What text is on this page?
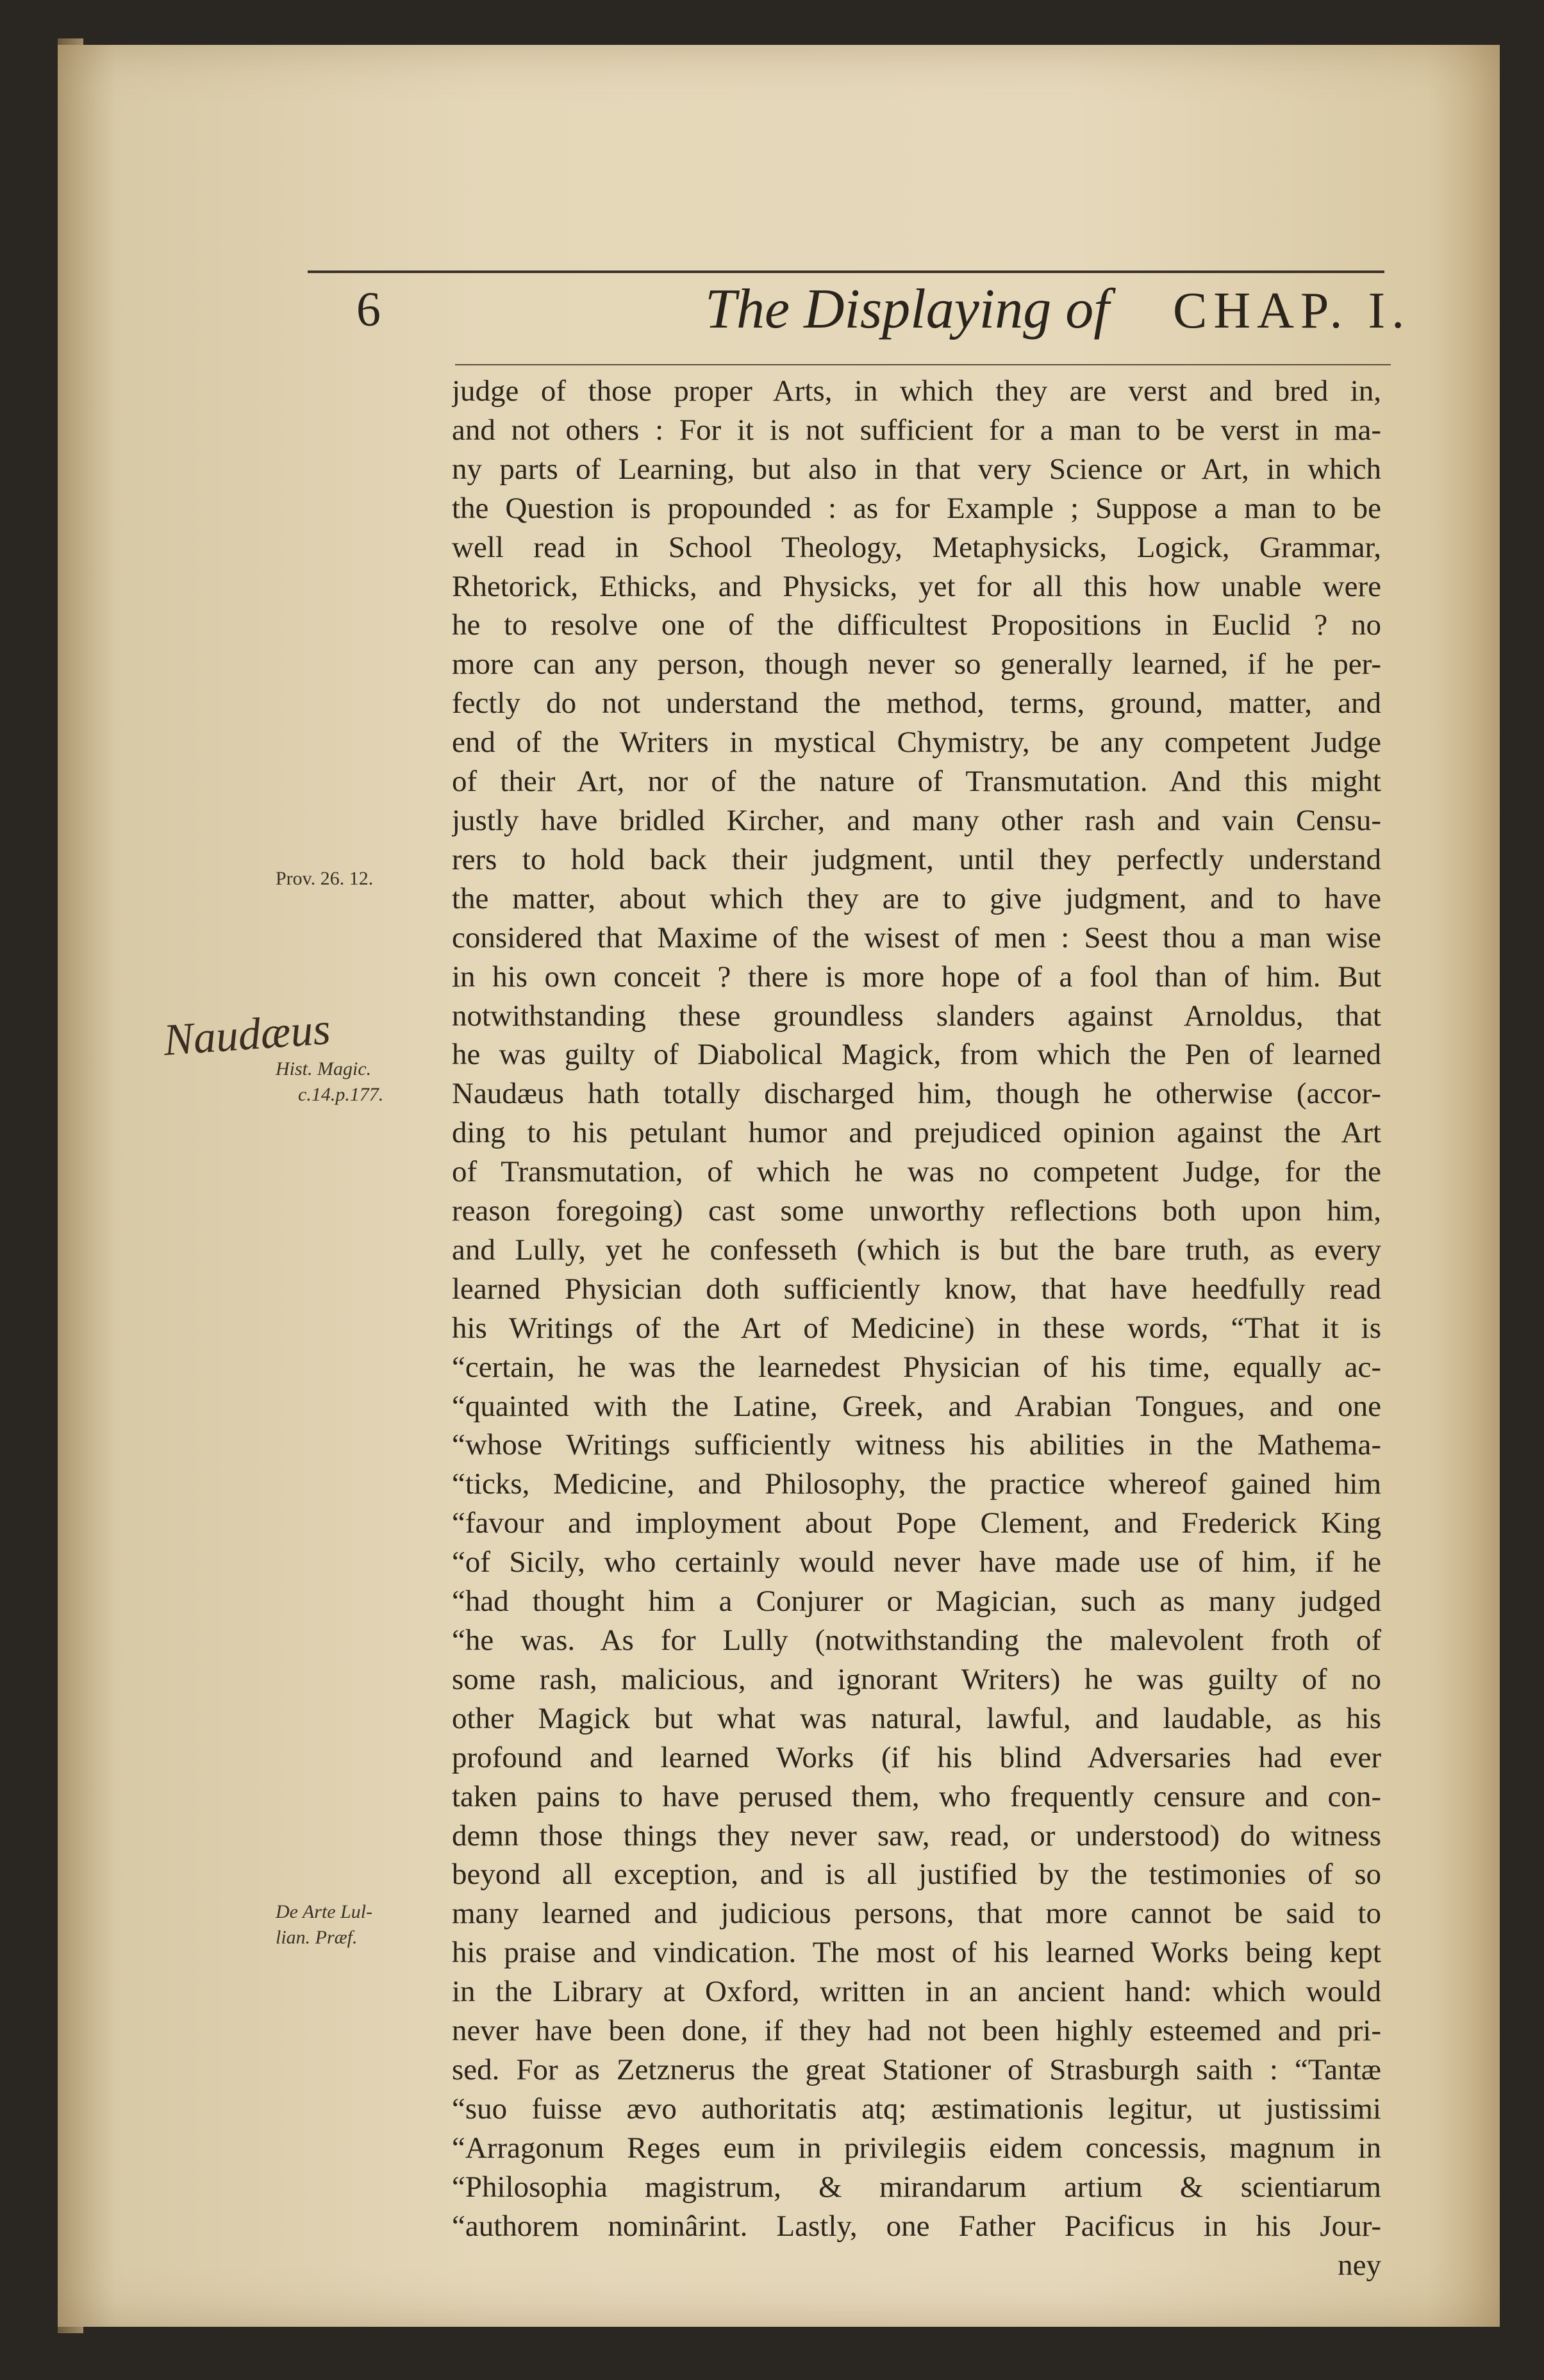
6	The Displaying of CHAP. I.
Prov. 26. 12.
Naudæus
Hist. Magic.
c.14.p.177.
De Arte Lul-
lian. Præf.
judge of those proper Arts, in which they are verst and bred in,
and not others : For it is not sufficient for a man to be verst in ma-
ny parts of Learning, but also in that very Science or Art, in which
the Question is propounded : as for Example ; Suppose a man to be
well read in School Theology, Metaphysicks, Logick, Grammar,
Rhetorick, Ethicks, and Physicks, yet for all this how unable were
he to resolve one of the difficultest Propositions in Euclid ? no
more can any person, though never so generally learned, if he per-
fectly do not understand the method, terms, ground, matter, and
end of the Writers in mystical Chymistry, be any competent Judge
of their Art, nor of the nature of Transmutation. And this might
justly have bridled Kircher, and many other rash and vain Censu-
rers to hold back their judgment, until they perfectly understand
the matter, about which they are to give judgment, and to have
considered that Maxime of the wisest of men : Seest thou a man wise
in his own conceit ? there is more hope of a fool than of him. But
notwithstanding these groundless slanders against Arnoldus, that
he was guilty of Diabolical Magick, from which the Pen of learned
Naudæus hath totally discharged him, though he otherwise (accor-
ding to his petulant humor and prejudiced opinion against the Art
of Transmutation, of which he was no competent Judge, for the
reason foregoing) cast some unworthy reflections both upon him,
and Lully, yet he confesseth (which is but the bare truth, as every
learned Physician doth sufficiently know, that have heedfully read
his Writings of the Art of Medicine) in these words, “That it is
“certain, he was the learnedest Physician of his time, equally ac-
“quainted with the Latine, Greek, and Arabian Tongues, and one
“whose Writings sufficiently witness his abilities in the Mathema-
“ticks, Medicine, and Philosophy, the practice whereof gained him
“favour and imployment about Pope Clement, and Frederick King
“of Sicily, who certainly would never have made use of him, if he
“had thought him a Conjurer or Magician, such as many judged
“he was. As for Lully (notwithstanding the malevolent froth of
some rash, malicious, and ignorant Writers) he was guilty of no
other Magick but what was natural, lawful, and laudable, as his
profound and learned Works (if his blind Adversaries had ever
taken pains to have perused them, who frequently censure and con-
demn those things they never saw, read, or understood) do witness
beyond all exception, and is all justified by the testimonies of so
many learned and judicious persons, that more cannot be said to
his praise and vindication. The most of his learned Works being kept
in the Library at Oxford, written in an ancient hand: which would
never have been done, if they had not been highly esteemed and pri-
sed. For as Zetznerus the great Stationer of Strasburgh saith : “Tantæ
“suo fuisse ævo authoritatis atq; æstimationis legitur, ut justissimi
“Arragonum Reges eum in privilegiis eidem concessis, magnum in
“Philosophia magistrum, & mirandarum artium & scientiarum
“authorem nominârint. Lastly, one Father Pacificus in his Jour-
ney
